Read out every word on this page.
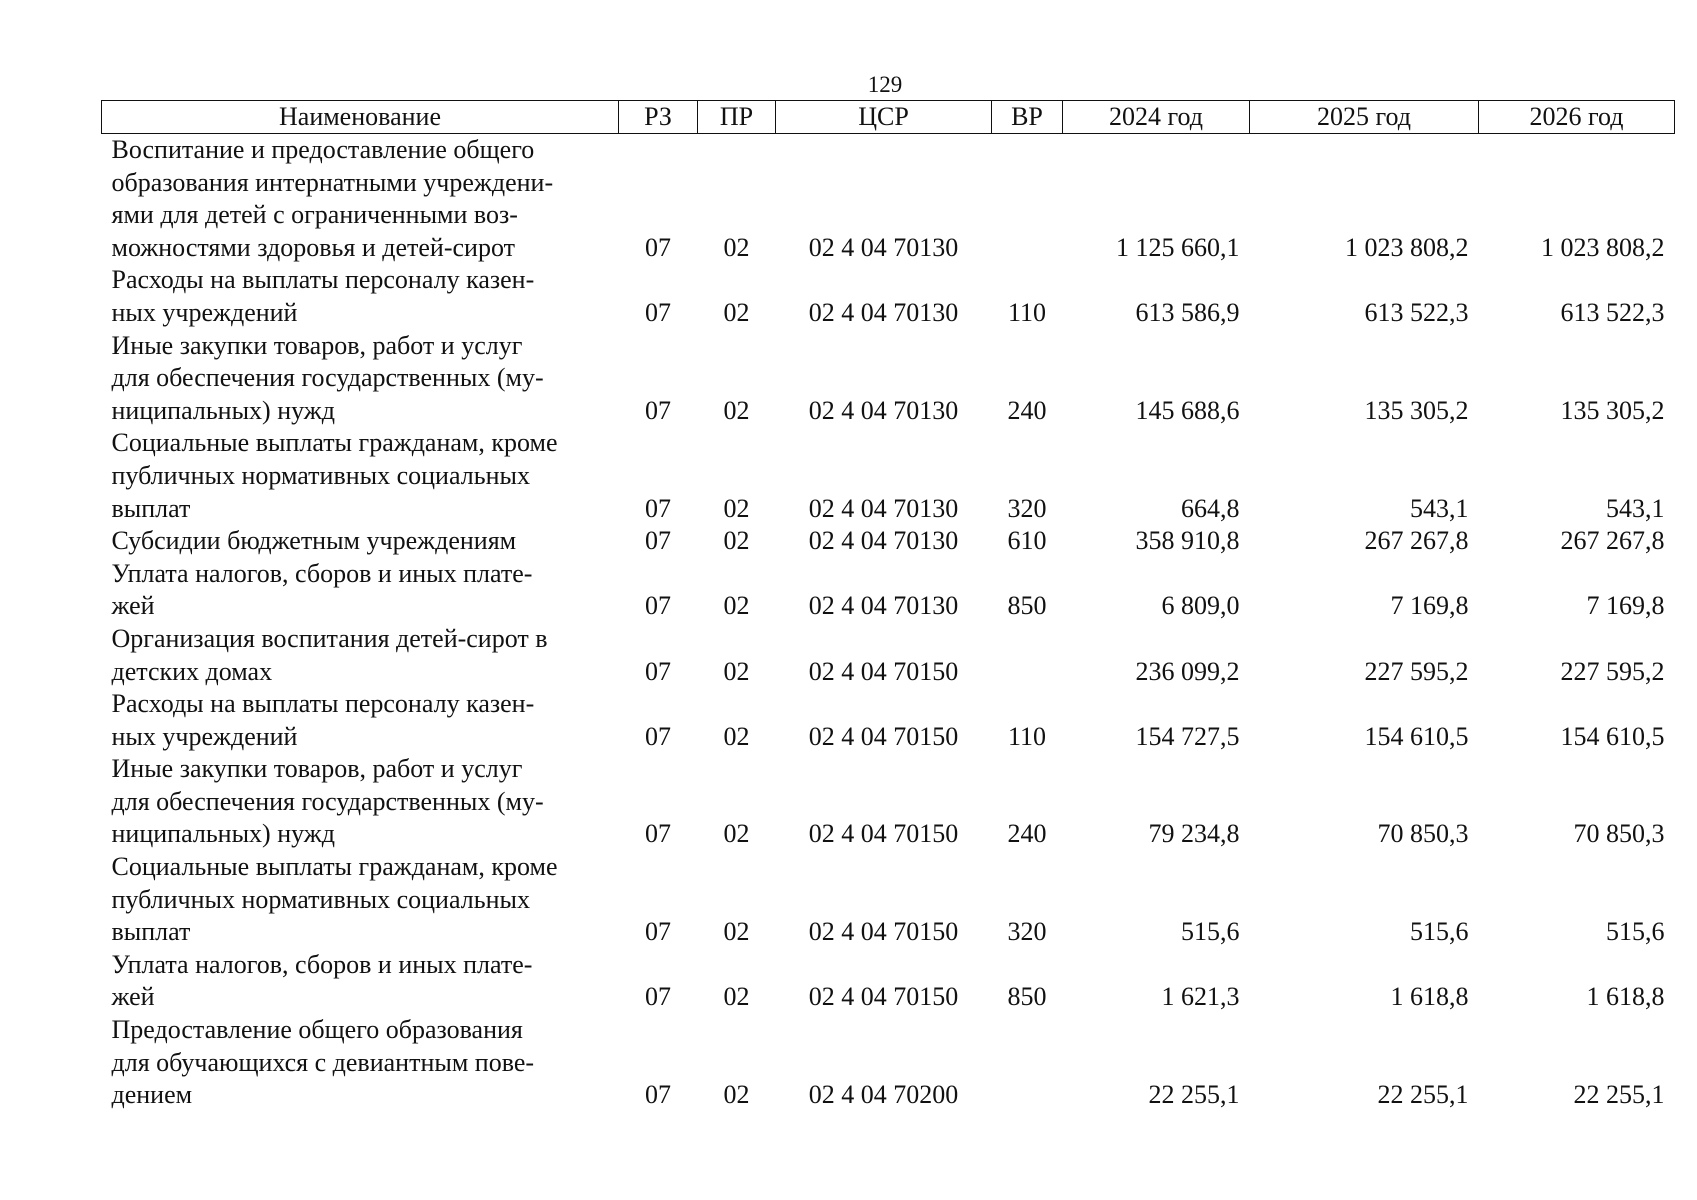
129
Наименование	РЗ	ПР	ЦСР	ВР	2024 год	2025 год	2026 год

Воспитание и предоставление общего
образования интернатными учреждени-
ями для детей с ограниченными воз-
можностями здоровья и детей-сирот	07	02	02 4 04 70130		1 125 660,1	1 023 808,2	1 023 808,2

Расходы на выплаты персоналу казен-
ных учреждений	07	02	02 4 04 70130	110	613 586,9	613 522,3	613 522,3

Иные закупки товаров, работ и услуг
для обеспечения государственных (му-
ниципальных) нужд	07	02	02 4 04 70130	240	145 688,6	135 305,2	135 305,2

Социальные выплаты гражданам, кроме
публичных нормативных социальных
выплат	07	02	02 4 04 70130	320	664,8	543,1	543,1

Субсидии бюджетным учреждениям	07	02	02 4 04 70130	610	358 910,8	267 267,8	267 267,8

Уплата налогов, сборов и иных плате-
жей	07	02	02 4 04 70130	850	6 809,0	7 169,8	7 169,8

Организация воспитания детей-сирот в
детских домах	07	02	02 4 04 70150		236 099,2	227 595,2	227 595,2

Расходы на выплаты персоналу казен-
ных учреждений	07	02	02 4 04 70150	110	154 727,5	154 610,5	154 610,5

Иные закупки товаров, работ и услуг
для обеспечения государственных (му-
ниципальных) нужд	07	02	02 4 04 70150	240	79 234,8	70 850,3	70 850,3

Социальные выплаты гражданам, кроме
публичных нормативных социальных
выплат	07	02	02 4 04 70150	320	515,6	515,6	515,6

Уплата налогов, сборов и иных плате-
жей	07	02	02 4 04 70150	850	1 621,3	1 618,8	1 618,8

Предоставление общего образования
для обучающихся с девиантным пове-
дением	07	02	02 4 04 70200		22 255,1	22 255,1	22 255,1
